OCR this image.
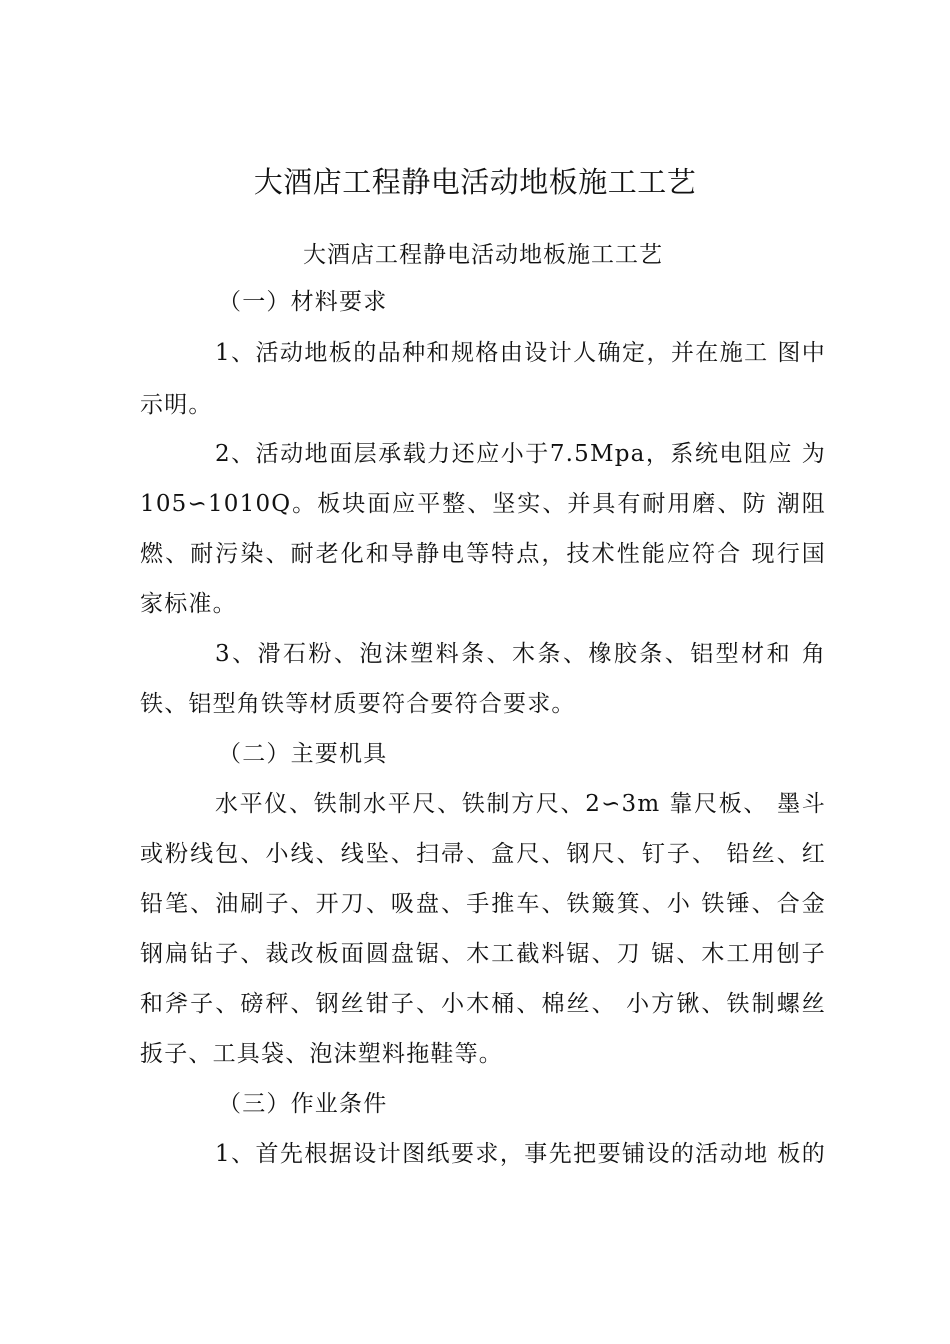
大酒店工程静电活动地板施工工艺
大酒店工程静电活动地板施工工艺
（一）材料要求
1、活动地板的品种和规格由设计人确定，并在施工 图中
示明。
2、活动地面层承载力还应小于7.5Mpa，系统电阻应 为
105∽1010Q。板块面应平整、坚实、并具有耐用磨、防 潮阻
燃、耐污染、耐老化和导静电等特点，技术性能应符合 现行国
家标准。
3、滑石粉、泡沫塑料条、木条、橡胶条、铝型材和 角
铁、铝型角铁等材质要符合要符合要求。
（二）主要机具
水平仪、铁制水平尺、铁制方尺、2∽3m 靠尺板、 墨斗
或粉线包、小线、线坠、扫帚、盒尺、钢尺、钉子、 铅丝、红
铅笔、油刷子、开刀、吸盘、手推车、铁簸箕、小 铁锤、合金
钢扁钻子、裁改板面圆盘锯、木工截料锯、刀 锯、木工用刨子
和斧子、磅秤、钢丝钳子、小木桶、棉丝、 小方锹、铁制螺丝
扳子、工具袋、泡沫塑料拖鞋等。
（三）作业条件
1、首先根据设计图纸要求，事先把要铺设的活动地 板的
